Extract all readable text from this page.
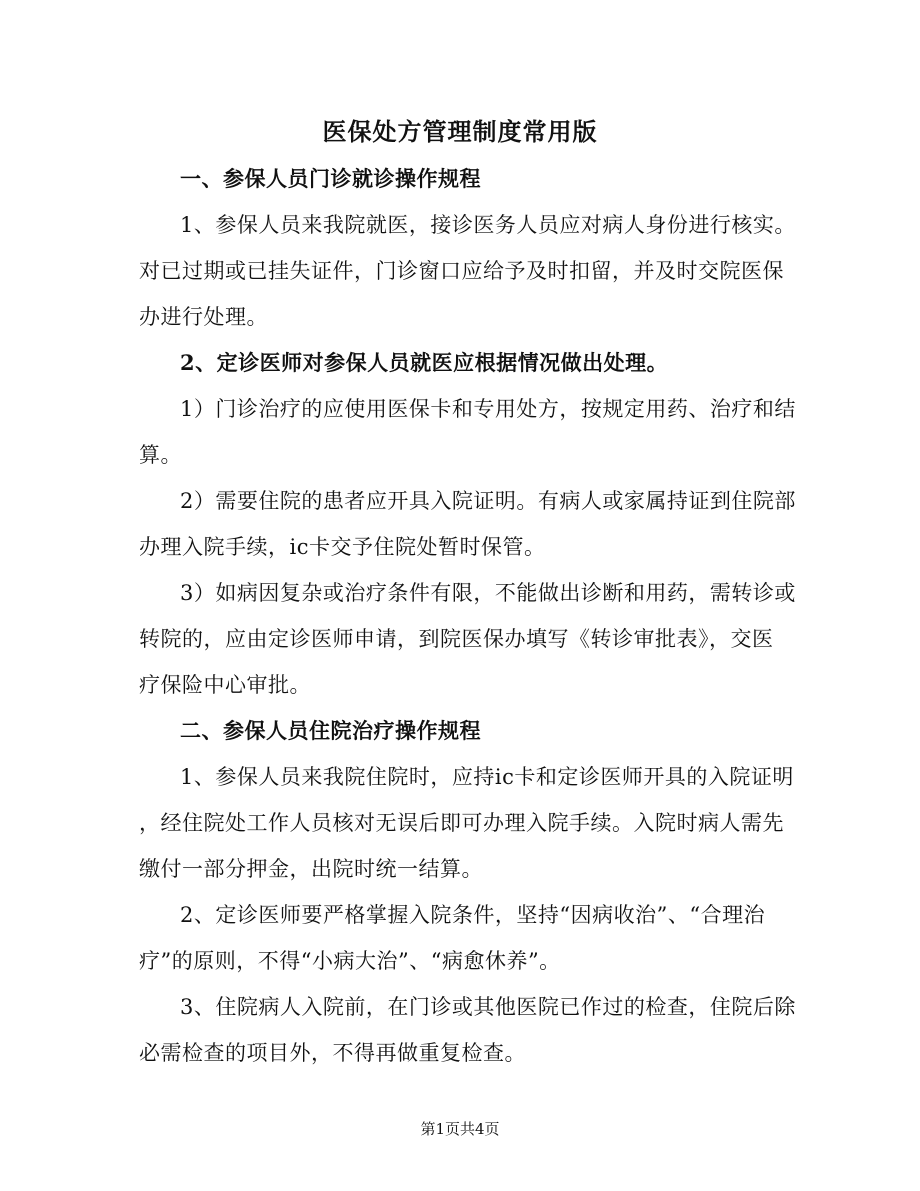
医保处方管理制度常用版
一、参保人员门诊就诊操作规程
1、参保人员来我院就医，接诊医务人员应对病人身份进行核实。
对已过期或已挂失证件，门诊窗口应给予及时扣留，并及时交院医保
办进行处理。
2、定诊医师对参保人员就医应根据情况做出处理。
1）门诊治疗的应使用医保卡和专用处方，按规定用药、治疗和结
算。
2）需要住院的患者应开具入院证明。有病人或家属持证到住院部
办理入院手续，ic卡交予住院处暂时保管。
3）如病因复杂或治疗条件有限，不能做出诊断和用药，需转诊或
转院的，应由定诊医师申请，到院医保办填写《转诊审批表》，交医
疗保险中心审批。
二、参保人员住院治疗操作规程
1、参保人员来我院住院时，应持ic卡和定诊医师开具的入院证明
，经住院处工作人员核对无误后即可办理入院手续。入院时病人需先
缴付一部分押金，出院时统一结算。
2、定诊医师要严格掌握入院条件，坚持“因病收治”、“合理治
疗”的原则，不得“小病大治”、“病愈休养”。
3、住院病人入院前，在门诊或其他医院已作过的检查，住院后除
必需检查的项目外，不得再做重复检查。
第1页共4页
